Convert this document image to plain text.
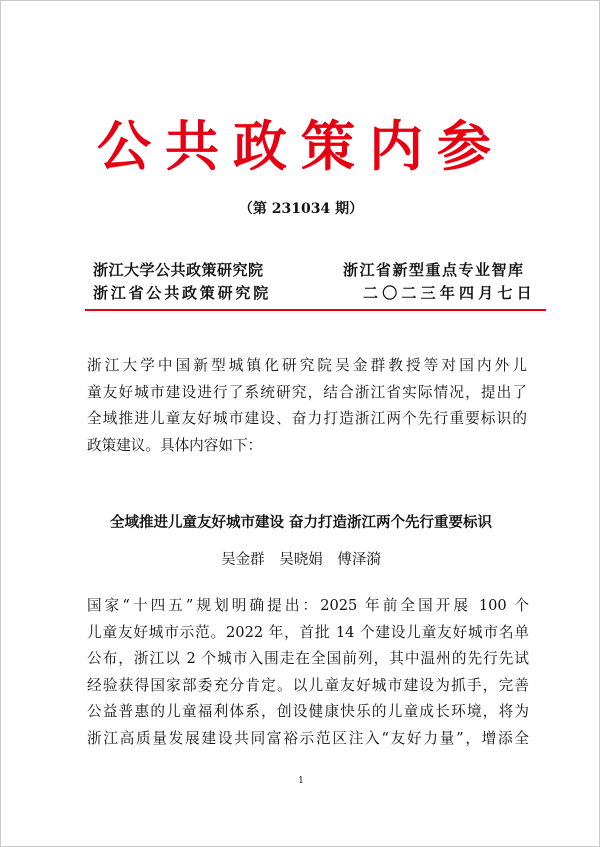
公共政策内参
（第 231034 期）
浙江大学公共政策研究院
浙江省公共政策研究院
浙江省新型重点专业智库
二〇二三年四月七日
浙江大学中国新型城镇化研究院吴金群教授等对国内外儿
童友好城市建设进行了系统研究，结合浙江省实际情况，提出了
全域推进儿童友好城市建设、奋力打造浙江两个先行重要标识的
政策建议。具体内容如下：
全域推进儿童友好城市建设 奋力打造浙江两个先行重要标识
吴金群 吴晓娟 傅泽漪
国家“十四五”规划明确提出：2025 年前全国开展 100 个
儿童友好城市示范。2022 年，首批 14 个建设儿童友好城市名单
公布，浙江以 2 个城市入围走在全国前列，其中温州的先行先试
经验获得国家部委充分肯定。以儿童友好城市建设为抓手，完善
公益普惠的儿童福利体系，创设健康快乐的儿童成长环境，将为
浙江高质量发展建设共同富裕示范区注入“友好力量”，增添全
1
